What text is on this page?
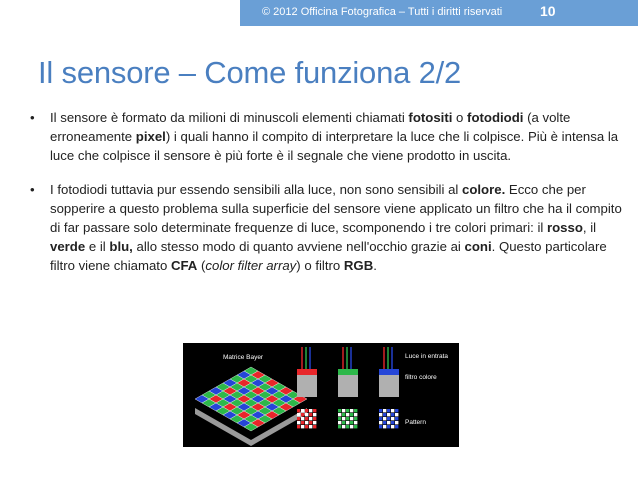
© 2012 Officina Fotografica – Tutti i diritti riservati	10
Il sensore – Come funziona 2/2
• Il sensore è formato da milioni di minuscoli elementi chiamati fotositi o fotodiodi (a volte erroneamente pixel) i quali hanno il compito di interpretare la luce che li colpisce. Più è intensa la luce che colpisce il sensore è più forte è il segnale che viene prodotto in uscita.
• I fotodiodi tuttavia pur essendo sensibili alla luce, non sono sensibili al colore. Ecco che per sopperire a questo problema sulla superficie del sensore viene applicato un filtro che ha il compito di far passare solo determinate frequenze di luce, scomponendo i tre colori primari: il rosso, il verde e il blu, allo stesso modo di quanto avviene nell'occhio grazie ai coni. Questo particolare filtro viene chiamato CFA (color filter array) o filtro RGB.
Matrice Bayer	Luce in entrata
filtro colore
Pattern
